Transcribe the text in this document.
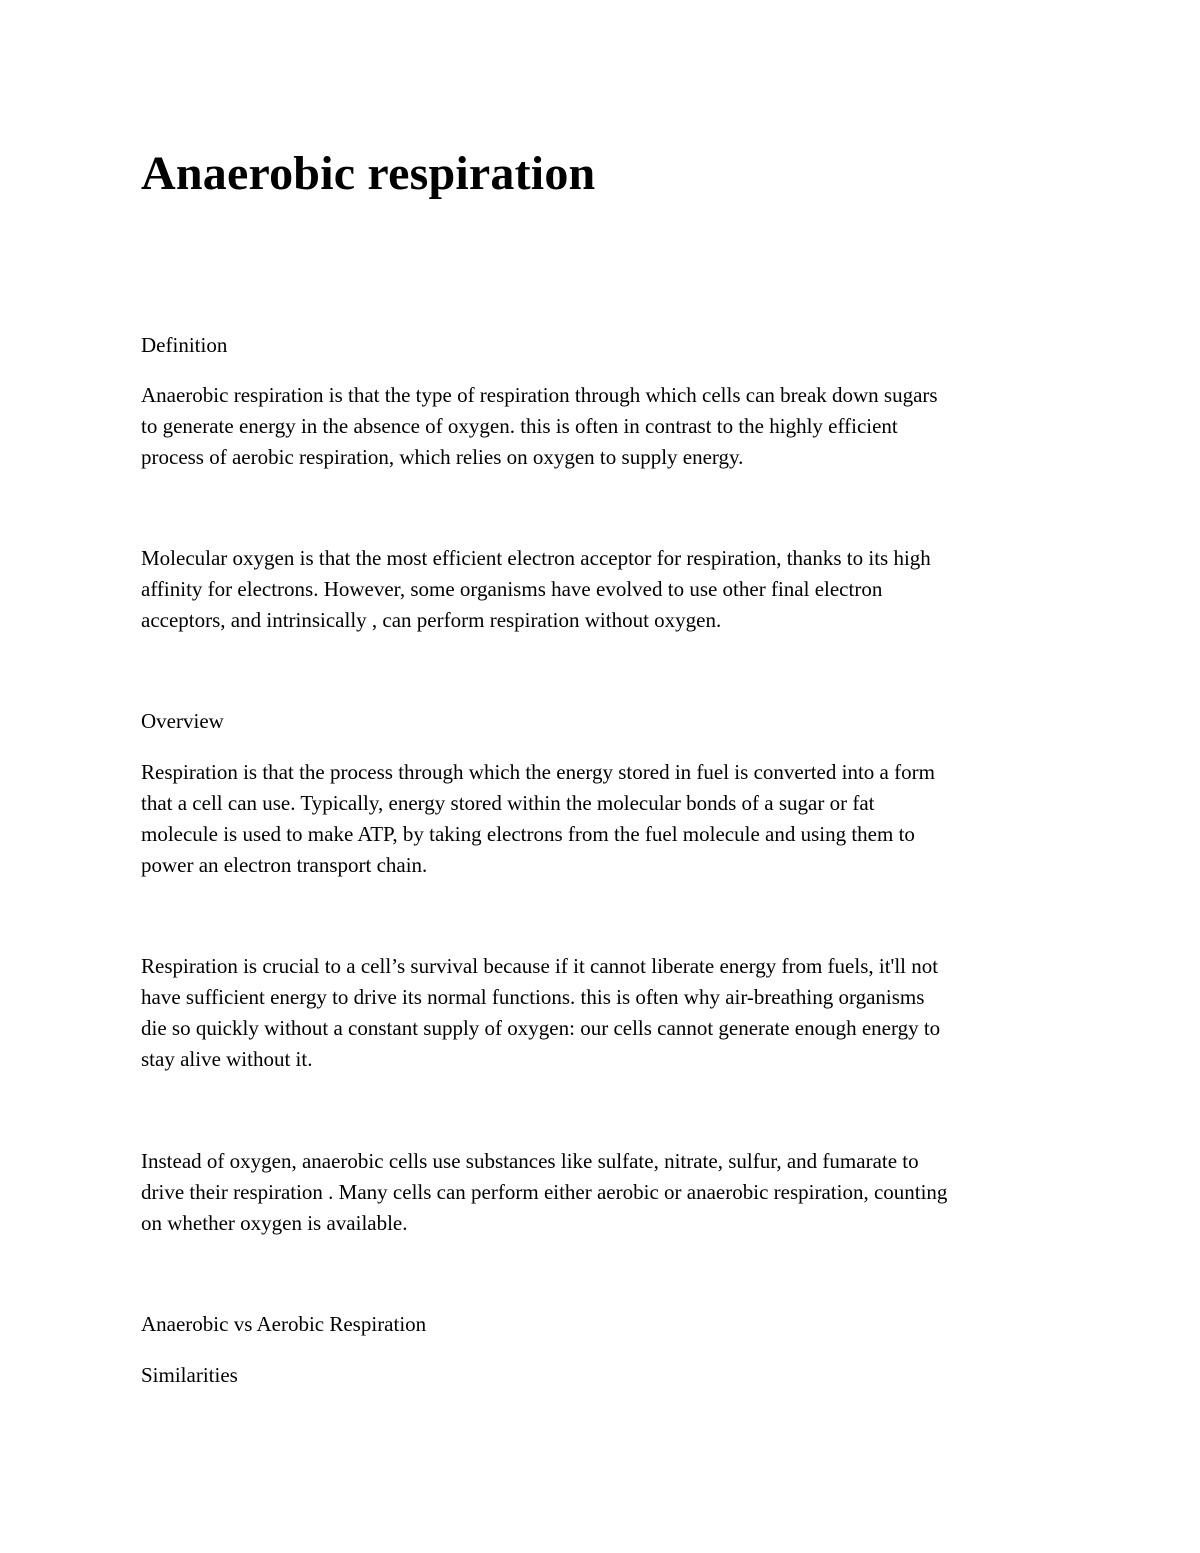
Anaerobic respiration
Definition
Anaerobic respiration is that the type of respiration through which cells can break down sugars
to generate energy in the absence of oxygen. this is often in contrast to the highly efficient
process of aerobic respiration, which relies on oxygen to supply energy.
Molecular oxygen is that the most efficient electron acceptor for respiration, thanks to its high
affinity for electrons. However, some organisms have evolved to use other final electron
acceptors, and intrinsically , can perform respiration without oxygen.
Overview
Respiration is that the process through which the energy stored in fuel is converted into a form
that a cell can use. Typically, energy stored within the molecular bonds of a sugar or fat
molecule is used to make ATP, by taking electrons from the fuel molecule and using them to
power an electron transport chain.
Respiration is crucial to a cell’s survival because if it cannot liberate energy from fuels, it'll not
have sufficient energy to drive its normal functions. this is often why air-breathing organisms
die so quickly without a constant supply of oxygen: our cells cannot generate enough energy to
stay alive without it.
Instead of oxygen, anaerobic cells use substances like sulfate, nitrate, sulfur, and fumarate to
drive their respiration . Many cells can perform either aerobic or anaerobic respiration, counting
on whether oxygen is available.
Anaerobic vs Aerobic Respiration
Similarities
